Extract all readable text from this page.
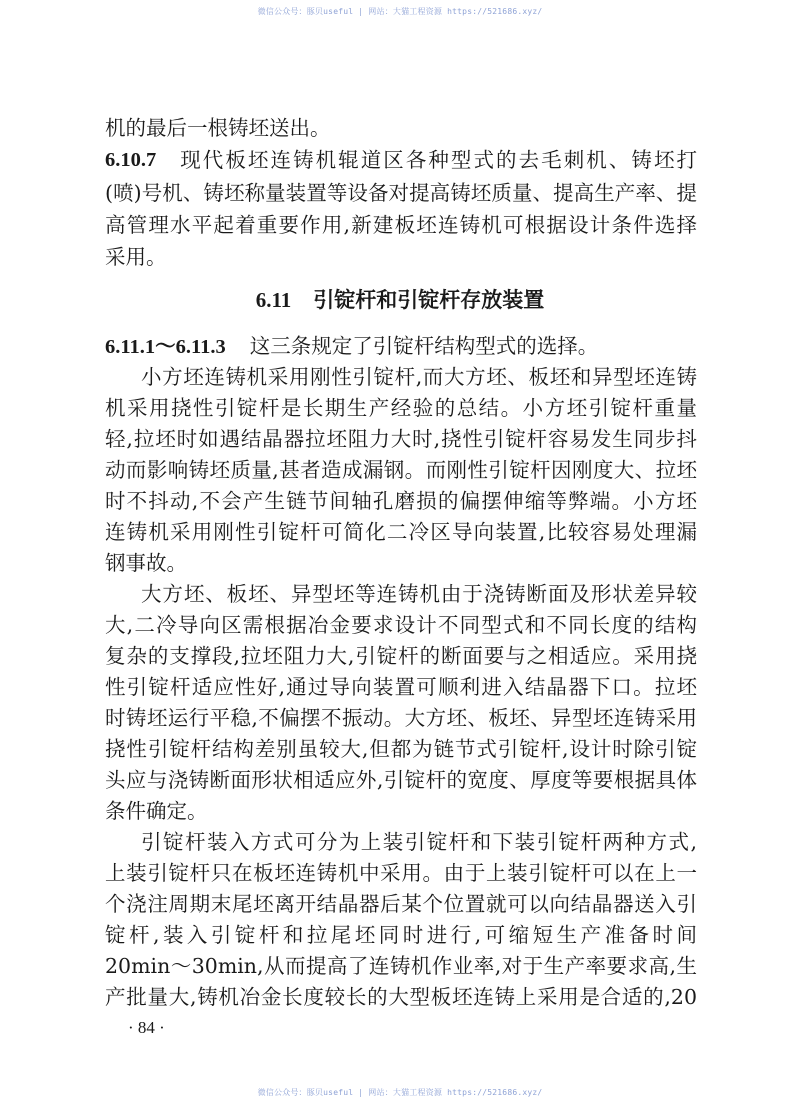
微信公众号：豚贝useful | 网站：大猫工程资源 https://521686.xyz/
机的最后一根铸坯送出。
6.10.7 现代板坯连铸机辊道区各种型式的去毛刺机、铸坯打
(喷)号机、铸坯称量装置等设备对提高铸坯质量、提高生产率、提
高管理水平起着重要作用,新建板坯连铸机可根据设计条件选择
采用。
6.11 引锭杆和引锭杆存放装置
6.11.1～6.11.3 这三条规定了引锭杆结构型式的选择。
小方坯连铸机采用刚性引锭杆,而大方坯、板坯和异型坯连铸
机采用挠性引锭杆是长期生产经验的总结。小方坯引锭杆重量
轻,拉坯时如遇结晶器拉坯阻力大时,挠性引锭杆容易发生同步抖
动而影响铸坯质量,甚者造成漏钢。而刚性引锭杆因刚度大、拉坯
时不抖动,不会产生链节间轴孔磨损的偏摆伸缩等弊端。小方坯
连铸机采用刚性引锭杆可简化二冷区导向装置,比较容易处理漏
钢事故。
大方坯、板坯、异型坯等连铸机由于浇铸断面及形状差异较
大,二冷导向区需根据冶金要求设计不同型式和不同长度的结构
复杂的支撑段,拉坯阻力大,引锭杆的断面要与之相适应。采用挠
性引锭杆适应性好,通过导向装置可顺利进入结晶器下口。拉坯
时铸坯运行平稳,不偏摆不振动。大方坯、板坯、异型坯连铸采用
挠性引锭杆结构差别虽较大,但都为链节式引锭杆,设计时除引锭
头应与浇铸断面形状相适应外,引锭杆的宽度、厚度等要根据具体
条件确定。
引锭杆装入方式可分为上装引锭杆和下装引锭杆两种方式,
上装引锭杆只在板坯连铸机中采用。由于上装引锭杆可以在上一
个浇注周期末尾坯离开结晶器后某个位置就可以向结晶器送入引
锭杆,装入引锭杆和拉尾坯同时进行,可缩短生产准备时间
20min～30min,从而提高了连铸机作业率,对于生产率要求高,生
产批量大,铸机冶金长度较长的大型板坯连铸上采用是合适的,20
· 84 ·
微信公众号：豚贝useful | 网站：大猫工程资源 https://521686.xyz/
